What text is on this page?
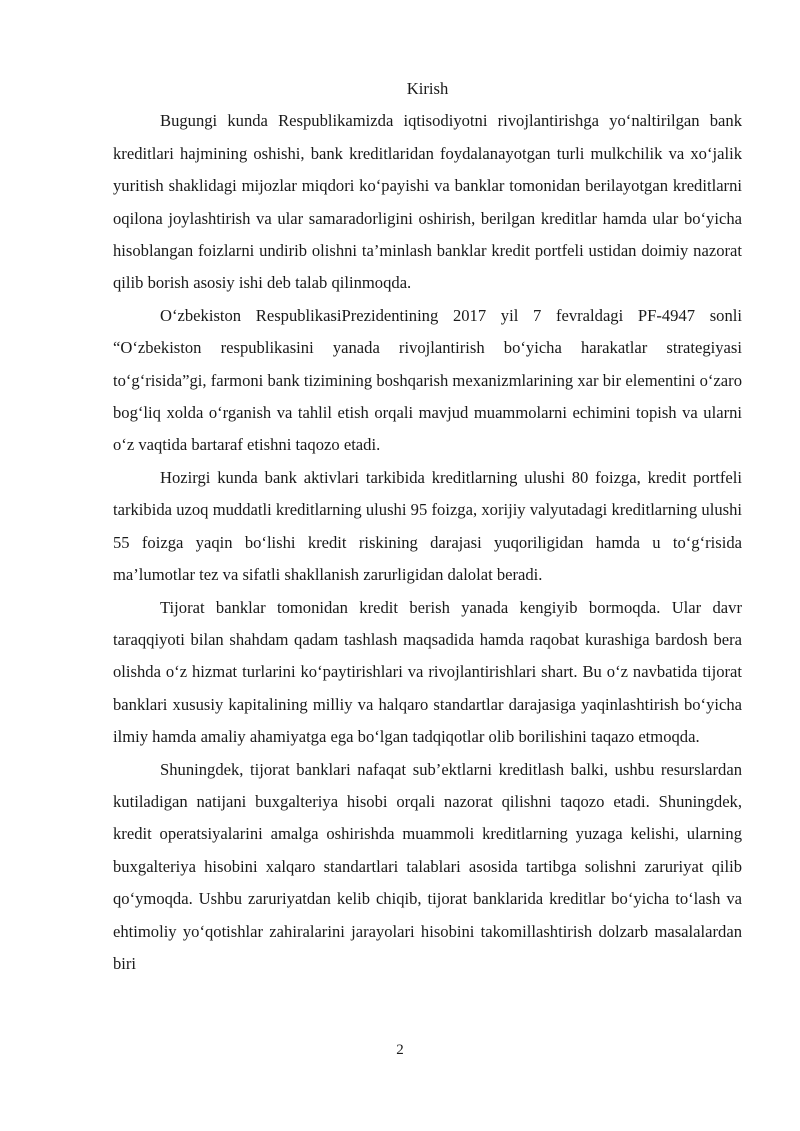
Kirish

Bugungi kunda Respublikamizda iqtisodiyotni rivojlantirishga yo‘naltirilgan bank kreditlari hajmining oshishi, bank kreditlaridan foydalanayotgan turli mulkchilik va xo‘jalik yuritish shaklidagi mijozlar miqdori ko‘payishi va banklar tomonidan berilayotgan kreditlarni oqilona joylashtirish va ular samaradorligini oshirish, berilgan kreditlar hamda ular bo‘yicha hisoblangan foizlarni undirib olishni ta’minlash banklar kredit portfeli ustidan doimiy nazorat qilib borish asosiy ishi deb talab qilinmoqda.

O‘zbekiston RespublikasiPrezidentining 2017 yil 7 fevraldagi PF-4947 sonli “O‘zbekiston respublikasini yanada rivojlantirish bo‘yicha harakatlar strategiyasi to‘g‘risida”gi, farmoni bank tizimining boshqarish mexanizmlarining xar bir elementini o‘zaro bog‘liq xolda o‘rganish va tahlil etish orqali mavjud muammolarni echimini topish va ularni o‘z vaqtida bartaraf etishni taqozo etadi.

Hozirgi kunda bank aktivlari tarkibida kreditlarning ulushi 80 foizga, kredit portfeli tarkibida uzoq muddatli kreditlarning ulushi 95 foizga, xorijiy valyutadagi kreditlarning ulushi 55 foizga yaqin bo‘lishi kredit riskining darajasi yuqoriligidan hamda u to‘g‘risida ma’lumotlar tez va sifatli shakllanish zarurligidan dalolat beradi.

Tijorat banklar tomonidan kredit berish yanada kengiyib bormoqda. Ular davr taraqqiyoti bilan shahdam qadam tashlash maqsadida hamda raqobat kurashiga bardosh bera olishda o‘z hizmat turlarini ko‘paytirishlari va rivojlantirishlari shart. Bu o‘z navbatida tijorat banklari xususiy kapitalining milliy va halqaro standartlar darajasiga yaqinlashtirish bo‘yicha ilmiy hamda amaliy ahamiyatga ega bo‘lgan tadqiqotlar olib borilishini taqazo etmoqda.

Shuningdek, tijorat banklari nafaqat sub’ektlarni kreditlash balki, ushbu resurslardan kutiladigan natijani buxgalteriya hisobi orqali nazorat qilishni taqozo etadi. Shuningdek, kredit operatsiyalarini amalga oshirishda muammoli kreditlarning yuzaga kelishi, ularning buxgalteriya hisobini xalqaro standartlari talablari asosida tartibga solishni zaruriyat qilib qo‘ymoqda. Ushbu zaruriyatdan kelib chiqib, tijorat banklarida kreditlar bo‘yicha to‘lash va ehtimoliy yo‘qotishlar zahiralarini jarayolari hisobini takomillashtirish dolzarb masalalardan biri

2
